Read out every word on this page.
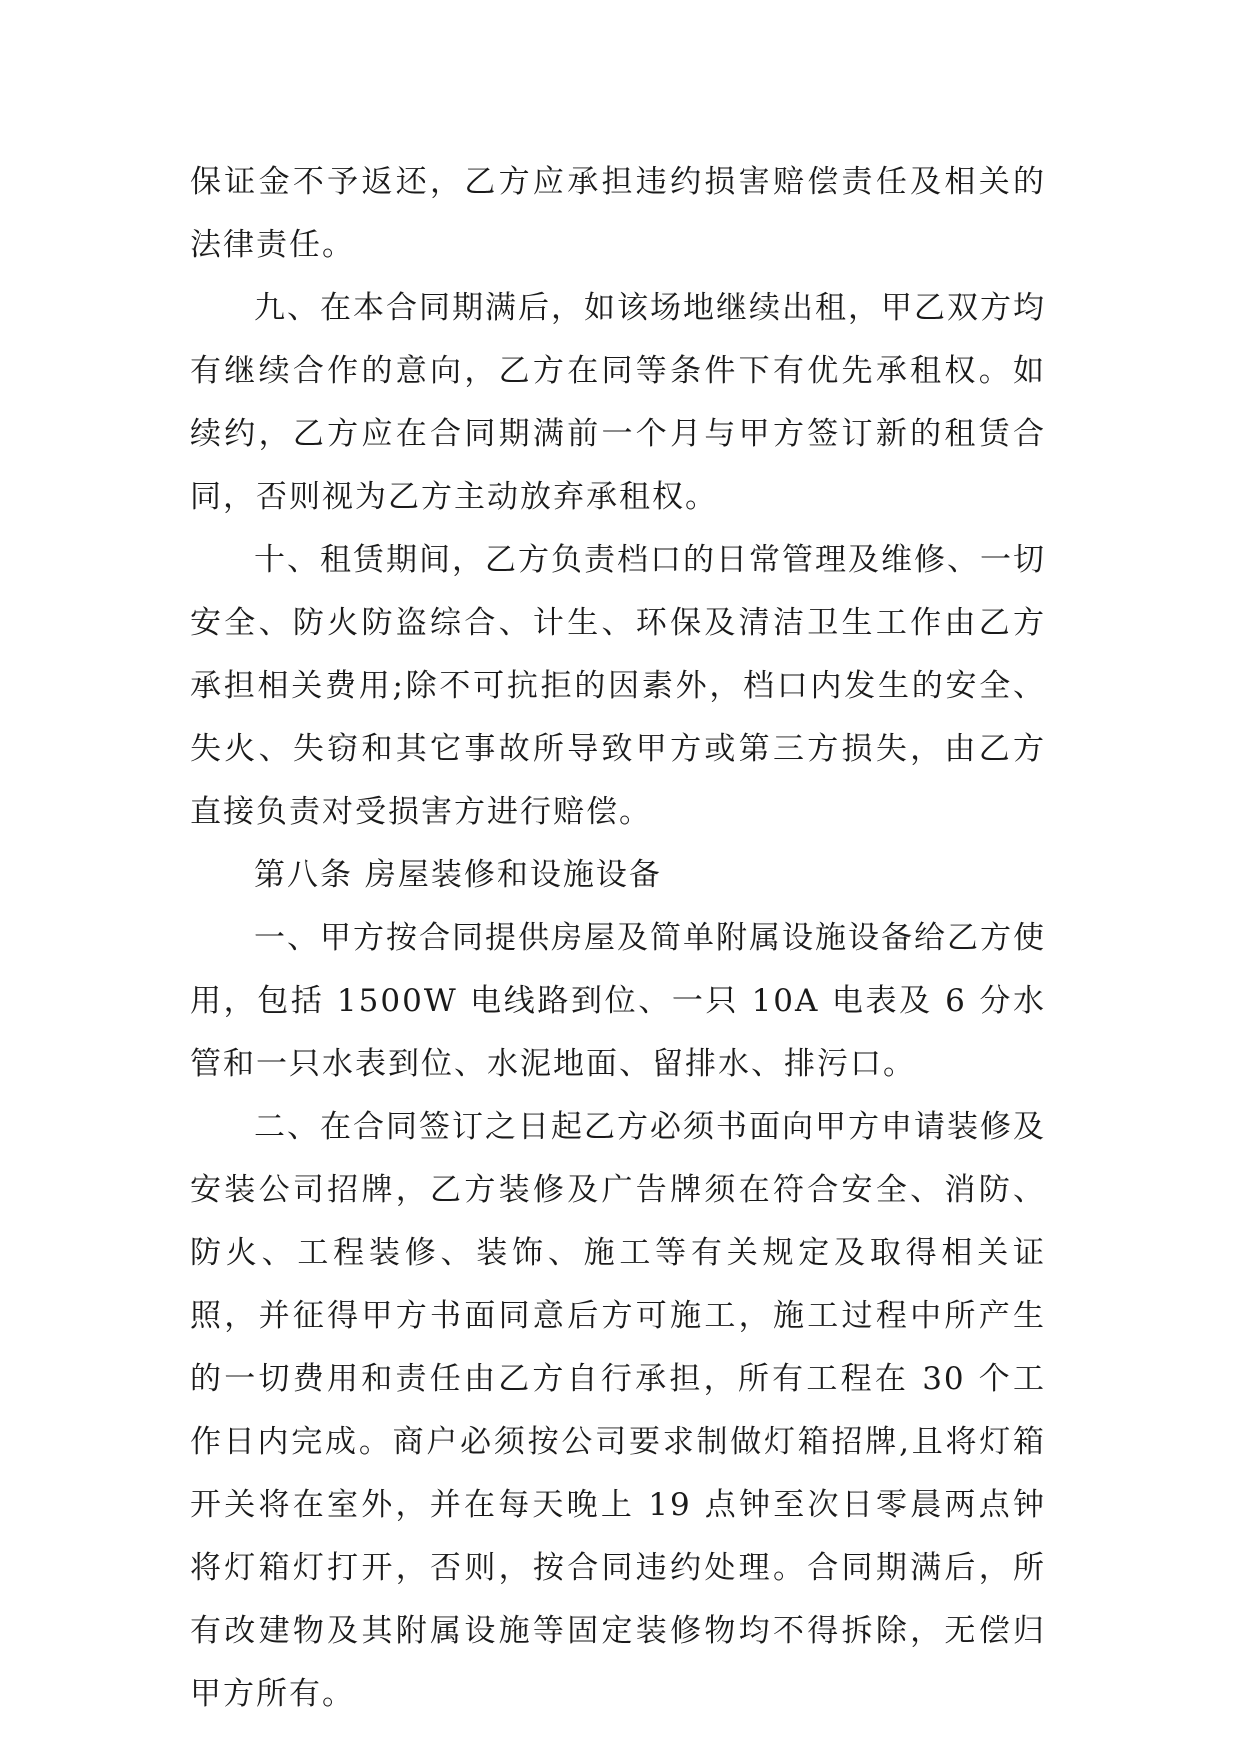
保证金不予返还，乙方应承担违约损害赔偿责任及相关的法律责任。

九、在本合同期满后，如该场地继续出租，甲乙双方均有继续合作的意向，乙方在同等条件下有优先承租权。如续约，乙方应在合同期满前一个月与甲方签订新的租赁合同，否则视为乙方主动放弃承租权。

十、租赁期间，乙方负责档口的日常管理及维修、一切安全、防火防盗综合、计生、环保及清洁卫生工作由乙方承担相关费用;除不可抗拒的因素外，档口内发生的安全、失火、失窃和其它事故所导致甲方或第三方损失，由乙方直接负责对受损害方进行赔偿。

第八条 房屋装修和设施设备

一、甲方按合同提供房屋及简单附属设施设备给乙方使用，包括 1500W 电线路到位、一只 10A 电表及 6 分水管和一只水表到位、水泥地面、留排水、排污口。

二、在合同签订之日起乙方必须书面向甲方申请装修及安装公司招牌，乙方装修及广告牌须在符合安全、消防、防火、工程装修、装饰、施工等有关规定及取得相关证照，并征得甲方书面同意后方可施工，施工过程中所产生的一切费用和责任由乙方自行承担，所有工程在 30 个工作日内完成。商户必须按公司要求制做灯箱招牌,且将灯箱开关将在室外，并在每天晚上 19 点钟至次日零晨两点钟将灯箱灯打开，否则，按合同违约处理。合同期满后，所有改建物及其附属设施等固定装修物均不得拆除，无偿归甲方所有。
